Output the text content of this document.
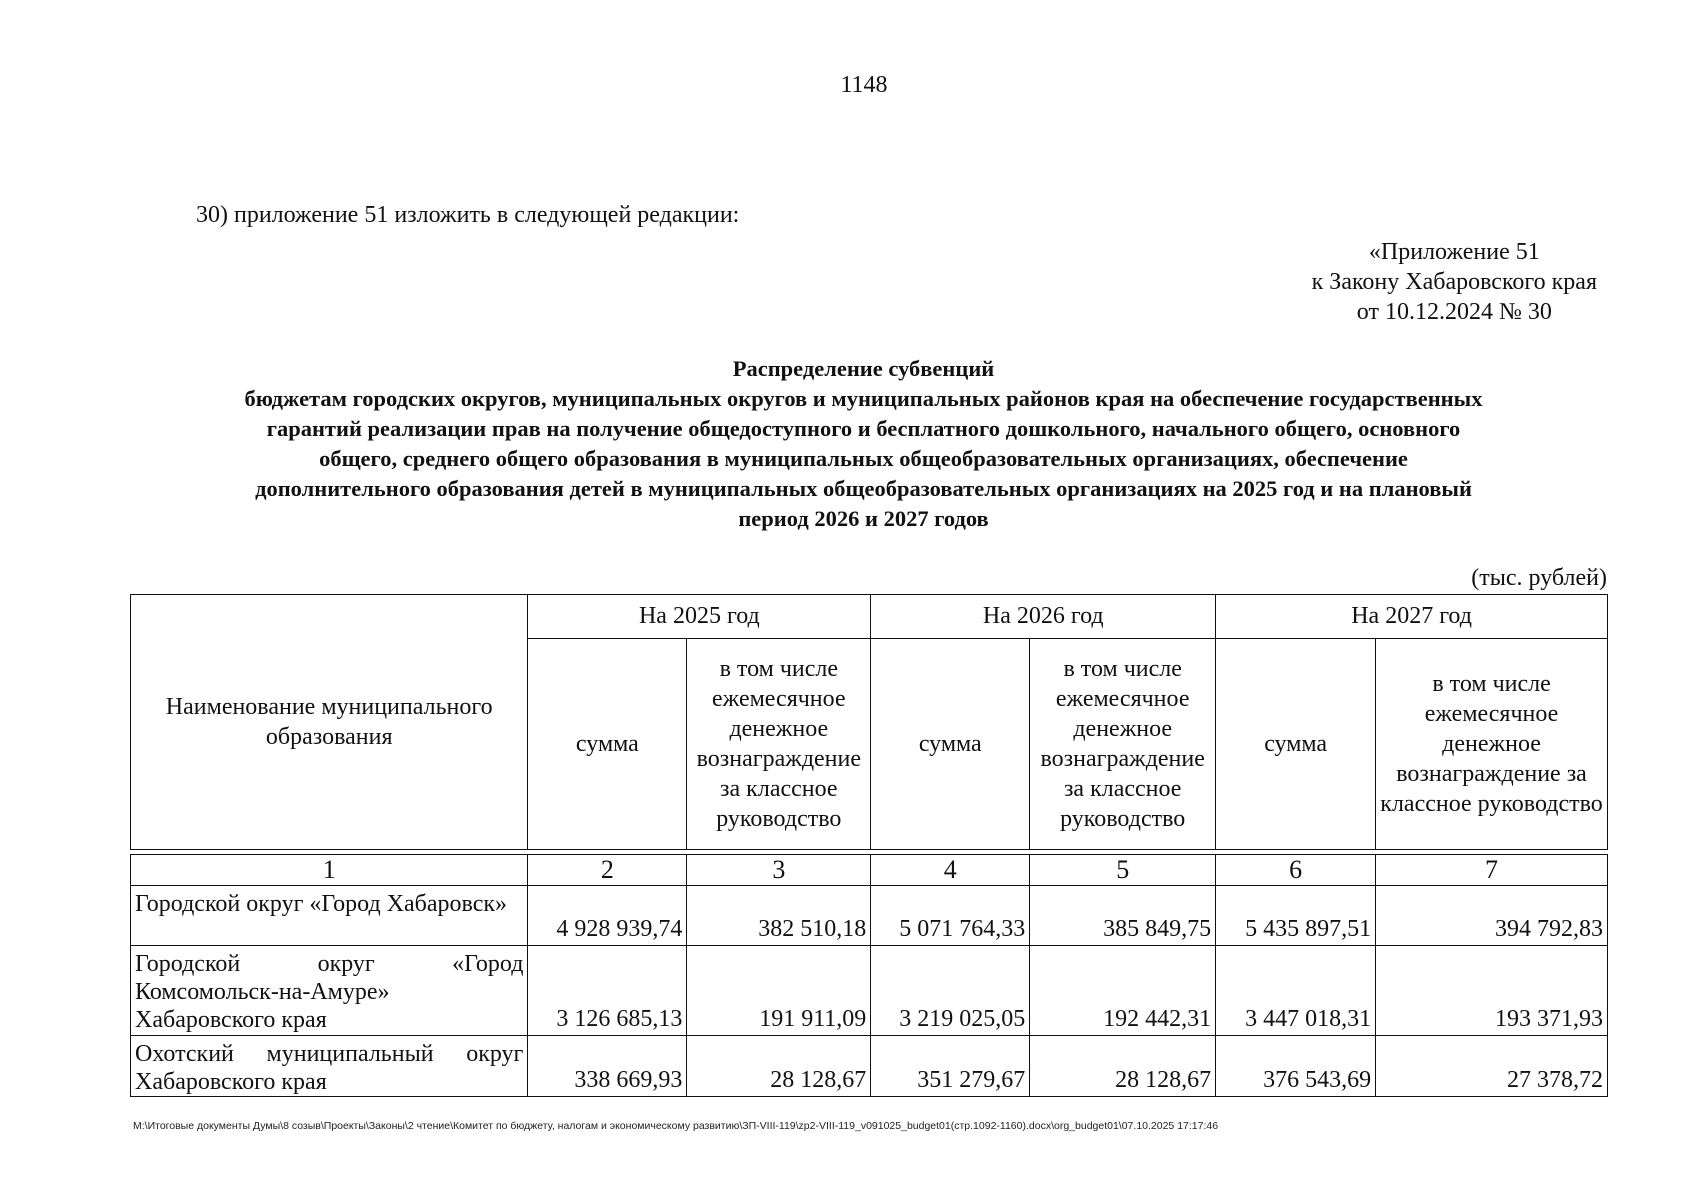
1148
30) приложение 51 изложить в следующей редакции:
«Приложение 51
к Закону Хабаровского края
от 10.12.2024 № 30
Распределение субвенций
бюджетам городских округов, муниципальных округов и муниципальных районов края на обеспечение государственных
гарантий реализации прав на получение общедоступного и бесплатного дошкольного, начального общего, основного
общего, среднего общего образования в муниципальных общеобразовательных организациях, обеспечение
дополнительного образования детей в муниципальных общеобразовательных организациях на 2025 год и на плановый
период 2026 и 2027 годов
(тыс. рублей)
Наименование муниципального образования	На 2025 год		На 2026 год		На 2027 год	
	сумма	в том числе ежемесячное денежное вознаграждение за классное руководство	сумма	в том числе ежемесячное денежное вознаграждение за классное руководство	сумма	в том числе ежемесячное денежное вознаграждение за классное руководство

1	2	3	4	5	6	7
Городской округ «Город Хабаровск»	4 928 939,74	382 510,18	5 071 764,33	385 849,75	5 435 897,51	394 792,83
Городской округ «Город Комсомольск-на-Амуре» Хабаровского края	3 126 685,13	191 911,09	3 219 025,05	192 442,31	3 447 018,31	193 371,93
Охотский муниципальный округ Хабаровского края	338 669,93	28 128,67	351 279,67	28 128,67	376 543,69	27 378,72
M:\Итоговые документы Думы\8 созыв\Проекты\Законы\2 чтение\Комитет по бюджету, налогам и экономическому развитию\ЗП-VIII-119\zp2-VIII-119_v091025_budget01(стр.1092-1160).docx\org_budget01\07.10.2025 17:17:46
